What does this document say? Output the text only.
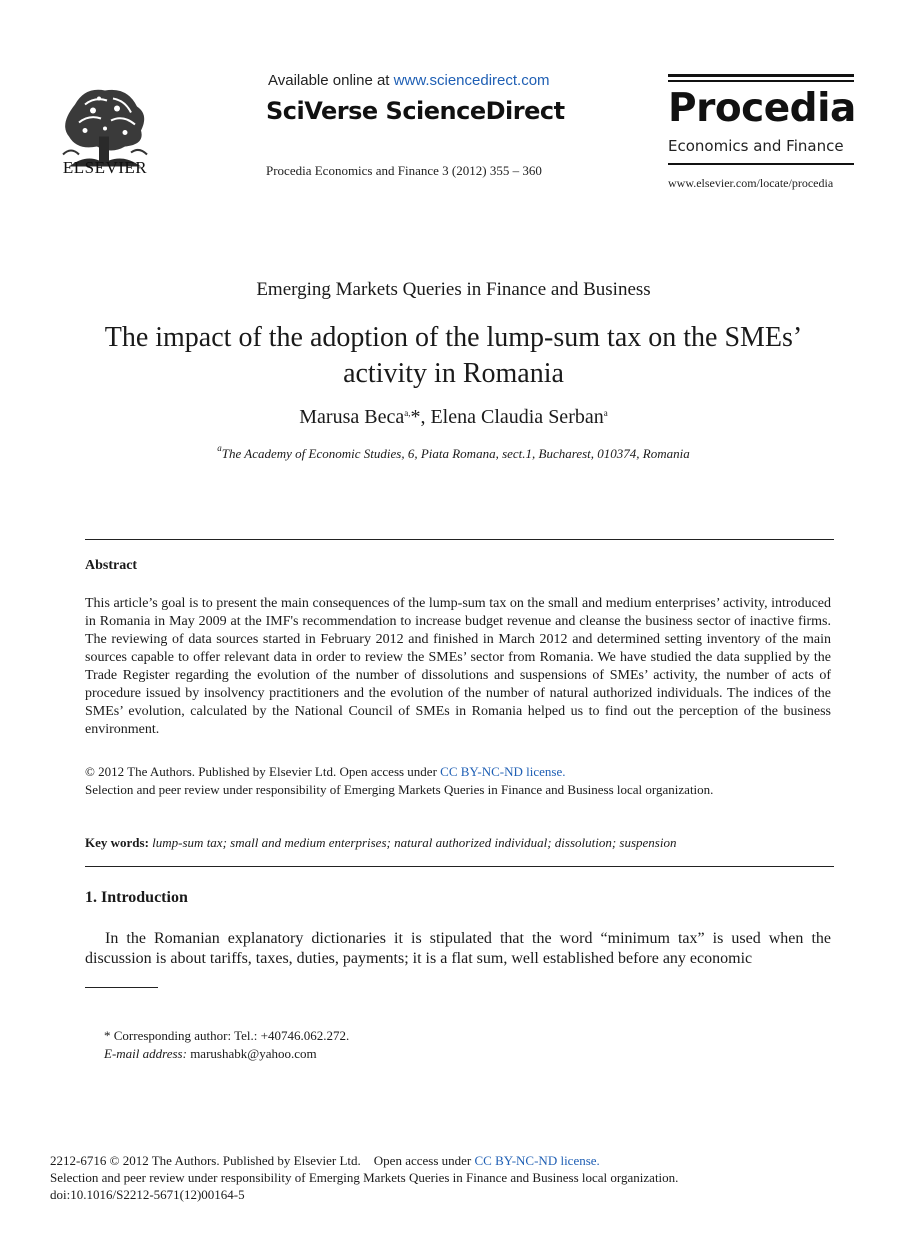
ELSEVIER
Available online at www.sciencedirect.com
SciVerse ScienceDirect
Procedia Economics and Finance 3 (2012) 355 – 360
Procedia
Economics and Finance
www.elsevier.com/locate/procedia
Emerging Markets Queries in Finance and Business
The impact of the adoption of the lump-sum tax on the SMEs’
activity in Romania
Marusa Beca$^{a,}$*, Elena Claudia Serban$^a$
$^a$The Academy of Economic Studies, 6, Piata Romana, sect.1, Bucharest, 010374, Romania
Abstract
This article’s goal is to present the main consequences of the lump-sum tax on the small and medium enterprises’ activity, introduced in Romania in May 2009 at the IMF's recommendation to increase budget revenue and cleanse the business sector of inactive firms. The reviewing of data sources started in February 2012 and finished in March 2012 and determined setting inventory of the main sources capable to offer relevant data in order to review the SMEs’ sector from Romania. We have studied the data supplied by the Trade Register regarding the evolution of the number of dissolutions and suspensions of SMEs’ activity, the number of acts of procedure issued by insolvency practitioners and the evolution of the number of natural authorized individuals. The indices of the SMEs’ evolution, calculated by the National Council of SMEs in Romania helped us to find out the perception of the business environment.
© 2012 The Authors. Published by Elsevier Ltd. Open access under CC BY-NC-ND license.
Selection and peer review under responsibility of Emerging Markets Queries in Finance and Business local organization.
Key words: lump-sum tax; small and medium enterprises; natural authorized individual; dissolution; suspension
1. Introduction
In the Romanian explanatory dictionaries it is stipulated that the word “minimum tax” is used when the discussion is about tariffs, taxes, duties, payments; it is a flat sum, well established before any economic
* Corresponding author: Tel.: +40746.062.272.
E-mail address: marushabk@yahoo.com
2212-6716 © 2012 The Authors. Published by Elsevier Ltd.    Open access under CC BY-NC-ND license.
Selection and peer review under responsibility of Emerging Markets Queries in Finance and Business local organization.
doi:10.1016/S2212-5671(12)00164-5
